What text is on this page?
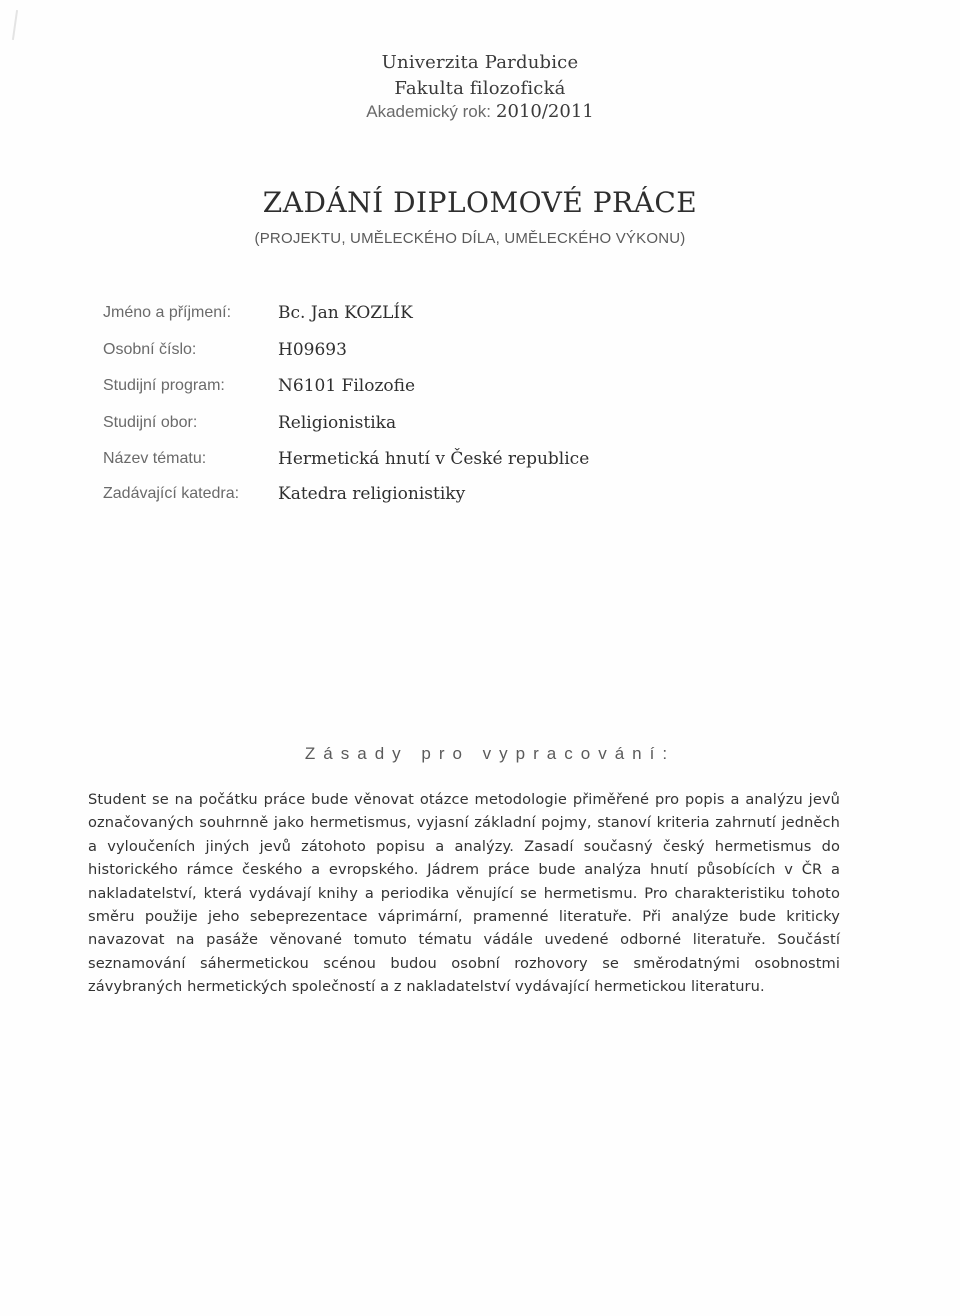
Univerzita Pardubice
Fakulta filozofická
Akademický rok: 2010/2011
ZADÁNÍ DIPLOMOVÉ PRÁCE
(PROJEKTU, UMĚLECKÉHO DÍLA, UMĚLECKÉHO VÝKONU)
Jméno a příjmení:	Bc. Jan KOZLÍK
Osobní číslo:	H09693
Studijní program:	N6101 Filozofie
Studijní obor:	Religionistika
Název tématu:	Hermetická hnutí v České republice
Zadávající katedra: Katedra religionistiky
Zásady pro vypracování:
Student se na počátku práce bude věnovat otázce metodologie přiměřené pro popis a analýzu jevů označovaných souhrnně jako hermetismus, vyjasní základní pojmy, stanoví kriteria zahrnutí jedněch a vyloučeních jiných jevů zátohoto popisu a analýzy. Zasadí současný český hermetismus do historického rámce českého a evropského. Jádrem práce bude analýza hnutí působících v ČR a nakladatelství, která vydávají knihy a periodika věnující se hermetismu. Pro charakteristiku tohoto směru použije jeho sebeprezentace váprimární, pramenné literatuře. Při analýze bude kriticky navazovat na pasáže věnované tomuto tématu vádále uvedené odborné literatuře. Součástí seznamování sáhermetickou scénou budou osobní rozhovory se směrodatnými osobnostmi závybraných hermetických společností a z nakladatelství vydávající hermetickou literaturu.
